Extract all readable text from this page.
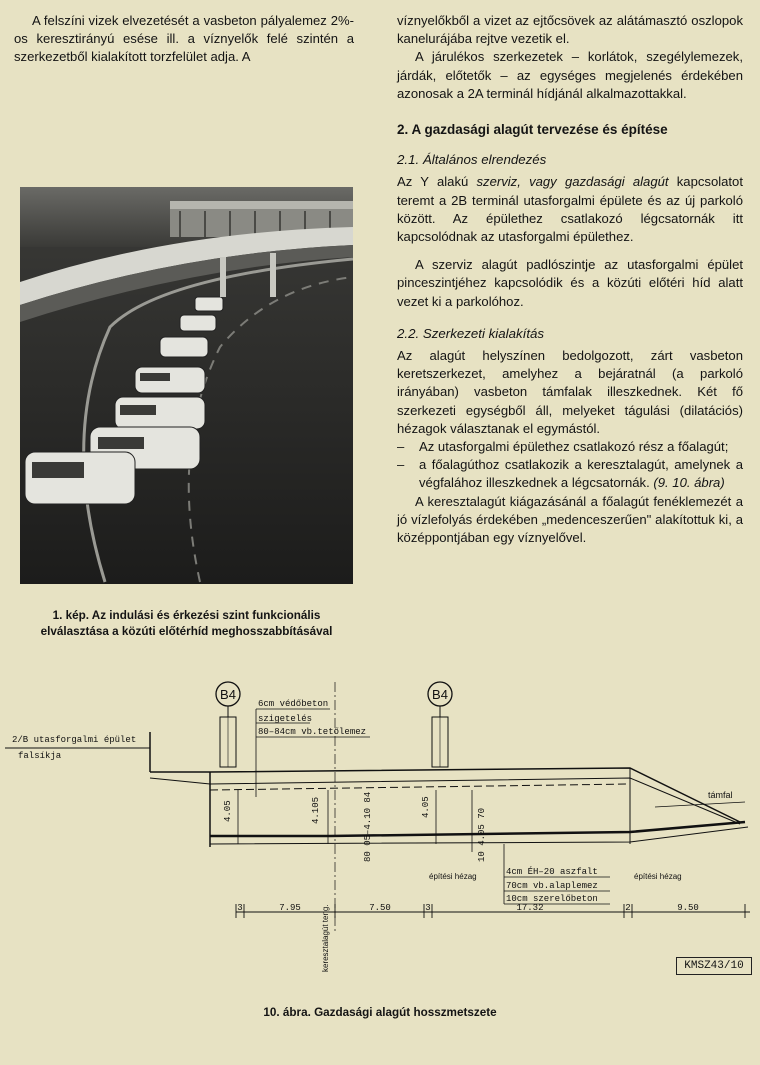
A felszíni vizek elvezetését a vasbeton pályalemez 2%-os keresztirányú esése ill. a víznyelők felé szintén a szerkezetből kialakított torzfelület adja. A

1. kép. Az indulási és érkezési szint funkcionális elválasztása a közúti előtérhíd meghosszabbításával

víznyelőkből a vizet az ejtőcsövek az alátámasztó oszlopok kanelurájába rejtve vezetik el.

A járulékos szerkezetek – korlátok, szegélylemezek, járdák, előtetők – az egységes megjelenés érdekében azonosak a 2A terminál hídjánál alkalmazottakkal.

2. A gazdasági alagút tervezése és építése
2.1. Általános elrendezés

Az Y alakú szerviz, vagy gazdasági alagút kapcsolatot teremt a 2B terminál utasforgalmi épülete és az új parkoló között. Az épülethez csatlakozó légcsatornák itt kapcsolódnak az utasforgalmi épülethez.

A szerviz alagút padlószintje az utasforgalmi épület pinceszintjéhez kapcsolódik és a közúti előtéri híd alatt vezet ki a parkolóhoz.

2.2. Szerkezeti kialakítás

Az alagút helyszínen bedolgozott, zárt vasbeton keretszerkezet, amelyhez a bejáratnál (a parkoló irányában) vasbeton támfalak illeszkednek. Két fő szerkezeti egységből áll, melyeket tágulási (dilatációs) hézagok választanak el egymástól.

– Az utasforgalmi épülethez csatlakozó rész a főalagút;
– a főalagúthoz csatlakozik a keresztalagút, amelynek a végfalához illeszkednek a légcsatornák. (9. 10. ábra)

A keresztalagút kiágazásánál a főalagút fenéklemezét a jó vízlefolyás érdekében „medenceszerűen" alakítottuk ki, a középpontjában egy víznyelővel.

B4	B4
2/B utasforgalmi épület
falsíkja
6cm védőbeton
szigetelés
80–84cm vb.tetőlemez
4.05	4.105	4.05
80 05–4.10 84	10 4.05 70
támfal
4cm ÉH–20 aszfalt
70cm vb.alaplemez
10cm szerelőbeton
építési hézag	építési hézag
keresztalagút teng.
3	7.95	7.50	3	17.32	2	9.50
KMSZ43/10
10. ábra. Gazdasági alagút hosszmetszete
